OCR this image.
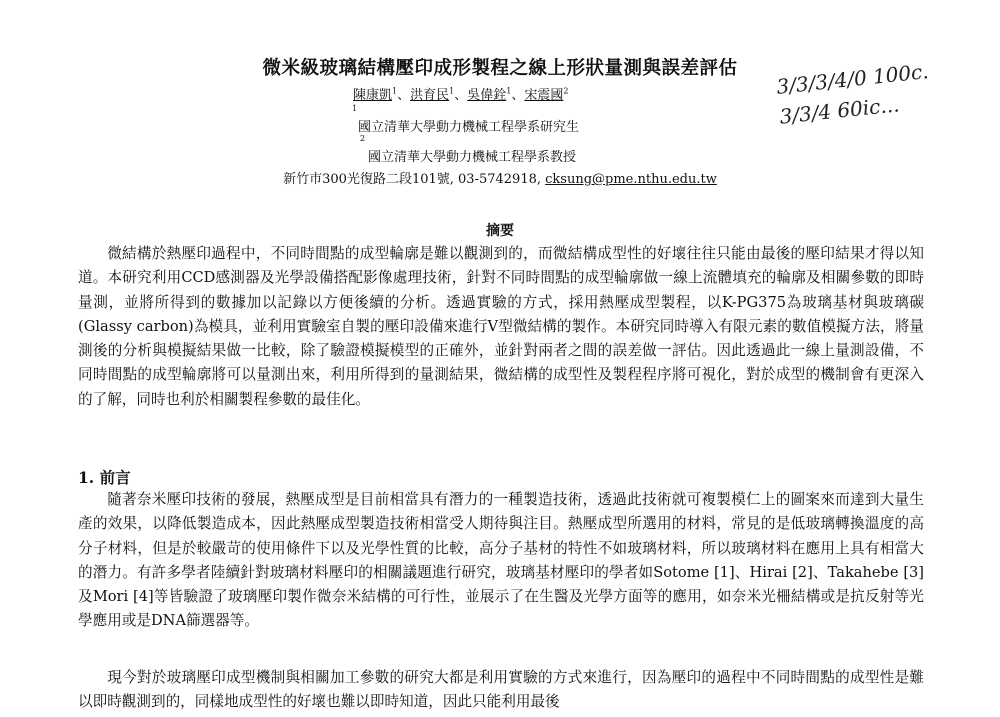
微米級玻璃結構壓印成形製程之線上形狀量測與誤差評估
陳康凱$^1$、洪育民$^1$、吳偉銓$^1$、宋震國$^2$	3/3/3/4/0 100c.
3/3/4 60ic...
1
國立清華大學動力機械工程學系研究生
2
國立清華大學動力機械工程學系教授
新竹市300光復路二段101號, 03-5742918, cksung@pme.nthu.edu.tw
摘要

微結構於熱壓印過程中，不同時間點的成型輪廓是難以觀測到的，而微結構成型性的好壞往往只能由最後的壓印結果才得以知道。本研究利用CCD感測器及光學設備搭配影像處理技術，針對不同時間點的成型輪廓做一線上流體填充的輪廓及相關參數的即時量測，並將所得到的數據加以記錄以方便後續的分析。透過實驗的方式，採用熱壓成型製程，以K-PG375為玻璃基材與玻璃碳(Glassy carbon)為模具，並利用實驗室自製的壓印設備來進行V型微結構的製作。本研究同時導入有限元素的數值模擬方法，將量測後的分析與模擬結果做一比較，除了驗證模擬模型的正確外，並針對兩者之間的誤差做一評估。因此透過此一線上量測設備，不同時間點的成型輪廓將可以量測出來，利用所得到的量測結果，微結構的成型性及製程程序將可視化，對於成型的機制會有更深入的了解，同時也利於相關製程參數的最佳化。

1. 前言

隨著奈米壓印技術的發展，熱壓成型是目前相當具有潛力的一種製造技術，透過此技術就可複製模仁上的圖案來而達到大量生產的效果，以降低製造成本，因此熱壓成型製造技術相當受人期待與注目。熱壓成型所選用的材料，常見的是低玻璃轉換溫度的高分子材料，但是於較嚴苛的使用條件下以及光學性質的比較，高分子基材的特性不如玻璃材料，所以玻璃材料在應用上具有相當大的潛力。有許多學者陸續針對玻璃材料壓印的相關議題進行研究，玻璃基材壓印的學者如Sotome [1]、Hirai [2]、Takahebe [3]及Mori [4]等皆驗證了玻璃壓印製作微奈米結構的可行性，並展示了在生醫及光學方面等的應用，如奈米光柵結構或是抗反射等光學應用或是DNA篩選器等。

現今對於玻璃壓印成型機制與相關加工參數的研究大都是利用實驗的方式來進行，因為壓印的過程中不同時間點的成型性是難以即時觀測到的，同樣地成型性的好壞也難以即時知道，因此只能利用最後
